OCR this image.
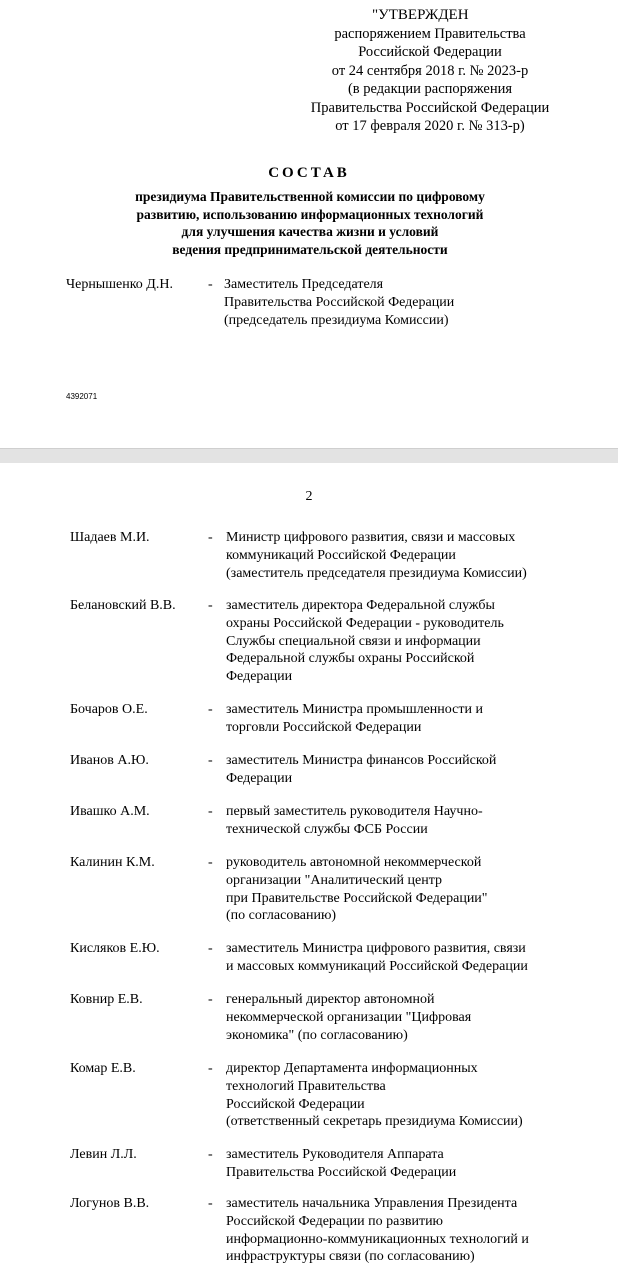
"УТВЕРЖДЕН
распоряжением Правительства
Российской Федерации
от 24 сентября 2018 г. № 2023-р
(в редакции распоряжения
Правительства Российской Федерации
от 17 февраля 2020 г. № 313-р)
СОСТАВ
президиума Правительственной комиссии по цифровому
развитию, использованию информационных технологий
для улучшения качества жизни и условий
ведения предпринимательской деятельности
Чернышенко Д.Н.	- Заместитель Председателя
Правительства Российской Федерации
(председатель президиума Комиссии)
4392071
2
Шадаев М.И.	- Министр цифрового развития, связи и массовых
коммуникаций Российской Федерации
(заместитель председателя президиума Комиссии)
Белановский В.В. - заместитель директора Федеральной службы
охраны Российской Федерации - руководитель
Службы специальной связи и информации
Федеральной службы охраны Российской
Федерации
Бочаров О.Е.	- заместитель Министра промышленности и
торговли Российской Федерации
Иванов А.Ю.	- заместитель Министра финансов Российской
Федерации
Ивашко А.М.	- первый заместитель руководителя Научно-
технической службы ФСБ России
Калинин К.М.	- руководитель автономной некоммерческой
организации "Аналитический центр
при Правительстве Российской Федерации"
(по согласованию)
Кисляков Е.Ю.	- заместитель Министра цифрового развития, связи
и массовых коммуникаций Российской Федерации
Ковнир Е.В.	- генеральный директор автономной
некоммерческой организации "Цифровая
экономика" (по согласованию)
Комар Е.В.	- директор Департамента информационных
технологий Правительства
Российской Федерации
(ответственный секретарь президиума Комиссии)
Левин Л.Л.	- заместитель Руководителя Аппарата
Правительства Российской Федерации
Логунов В.В.	- заместитель начальника Управления Президента
Российской Федерации по развитию
информационно-коммуникационных технологий и
инфраструктуры связи (по согласованию)
